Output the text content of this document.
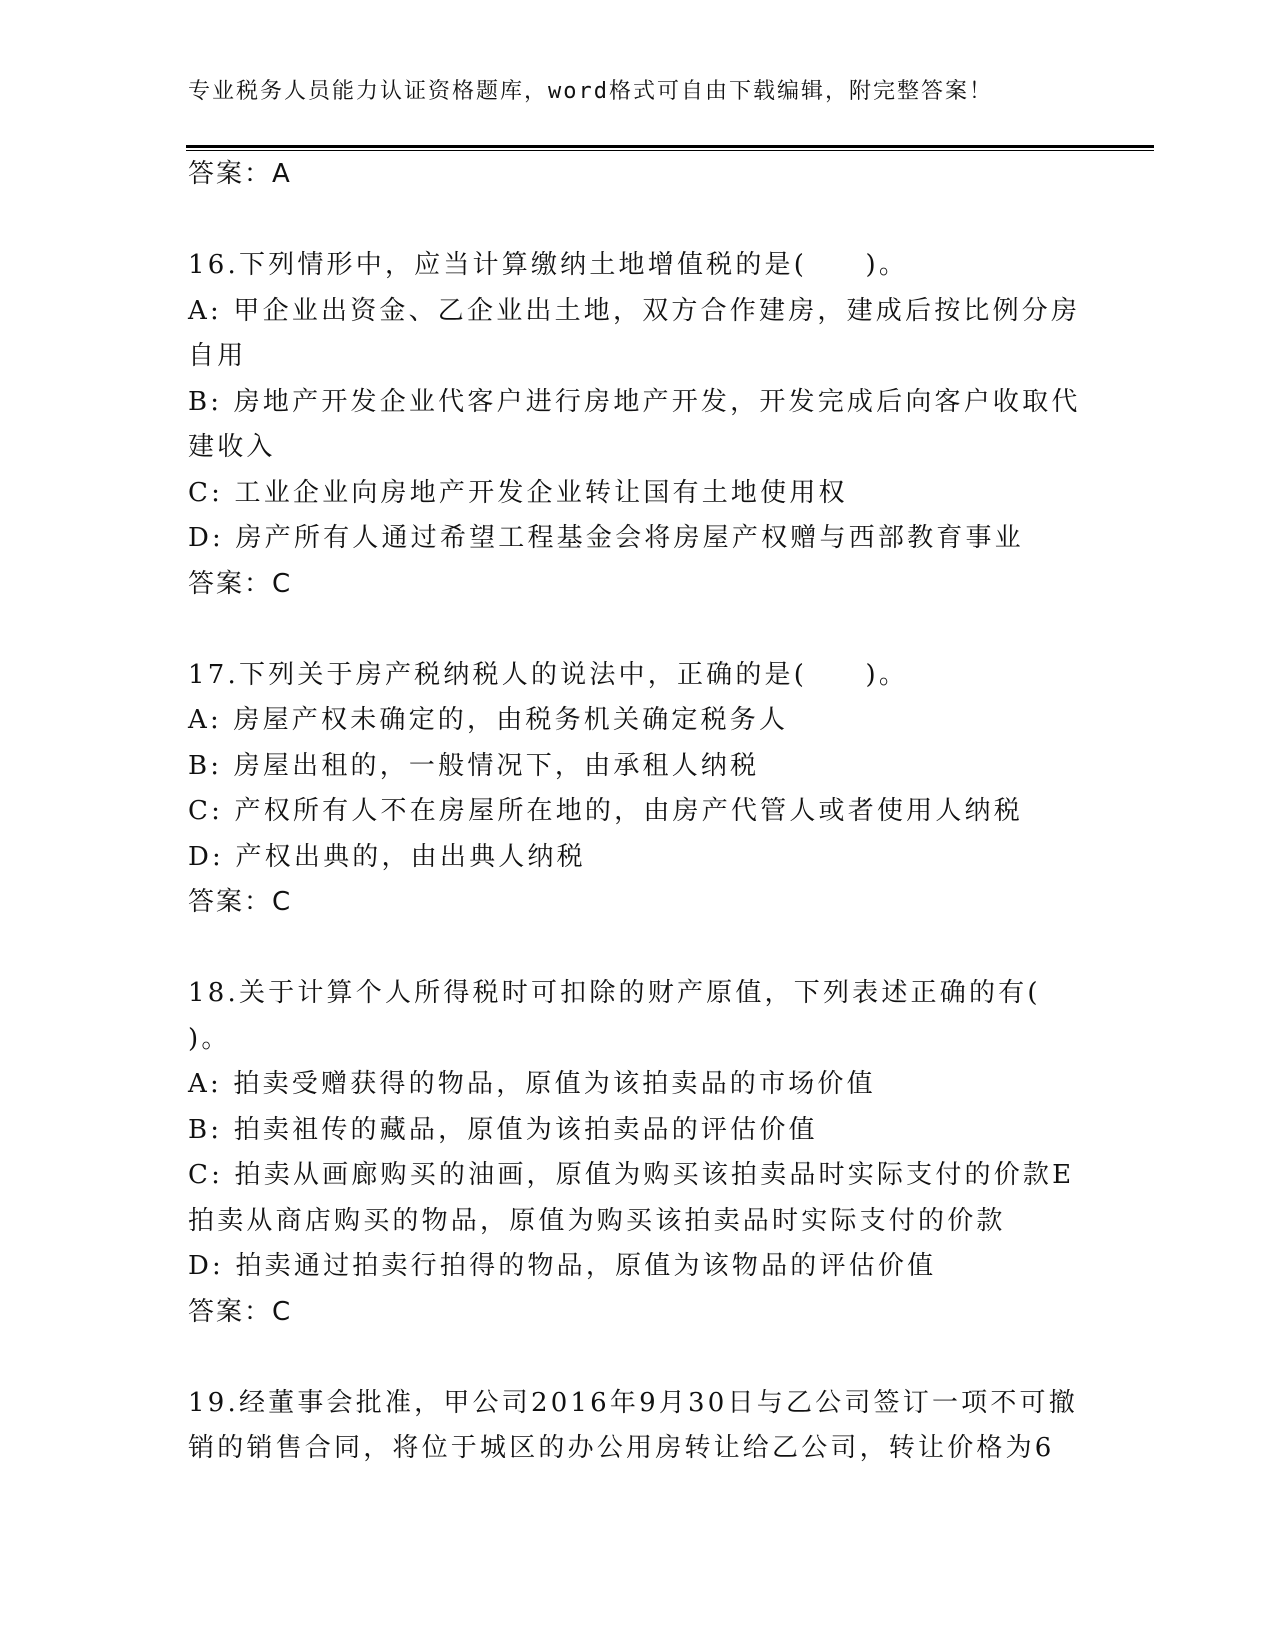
专业税务人员能力认证资格题库，word格式可自由下载编辑，附完整答案！
答案：A
16.下列情形中，应当计算缴纳土地增值税的是(　　)。
A: 甲企业出资金、乙企业出土地，双方合作建房，建成后按比例分房
自用
B: 房地产开发企业代客户进行房地产开发，开发完成后向客户收取代
建收入
C: 工业企业向房地产开发企业转让国有土地使用权
D: 房产所有人通过希望工程基金会将房屋产权赠与西部教育事业
答案：C
17.下列关于房产税纳税人的说法中，正确的是(　　)。
A: 房屋产权未确定的，由税务机关确定税务人
B: 房屋出租的，一般情况下，由承租人纳税
C: 产权所有人不在房屋所在地的，由房产代管人或者使用人纳税
D: 产权出典的，由出典人纳税
答案：C
18.关于计算个人所得税时可扣除的财产原值，下列表述正确的有(
)。
A: 拍卖受赠获得的物品，原值为该拍卖品的市场价值
B: 拍卖祖传的藏品，原值为该拍卖品的评估价值
C: 拍卖从画廊购买的油画，原值为购买该拍卖品时实际支付的价款E
拍卖从商店购买的物品，原值为购买该拍卖品时实际支付的价款
D: 拍卖通过拍卖行拍得的物品，原值为该物品的评估价值
答案：C
19.经董事会批准，甲公司2016年9月30日与乙公司签订一项不可撤
销的销售合同，将位于城区的办公用房转让给乙公司，转让价格为6
